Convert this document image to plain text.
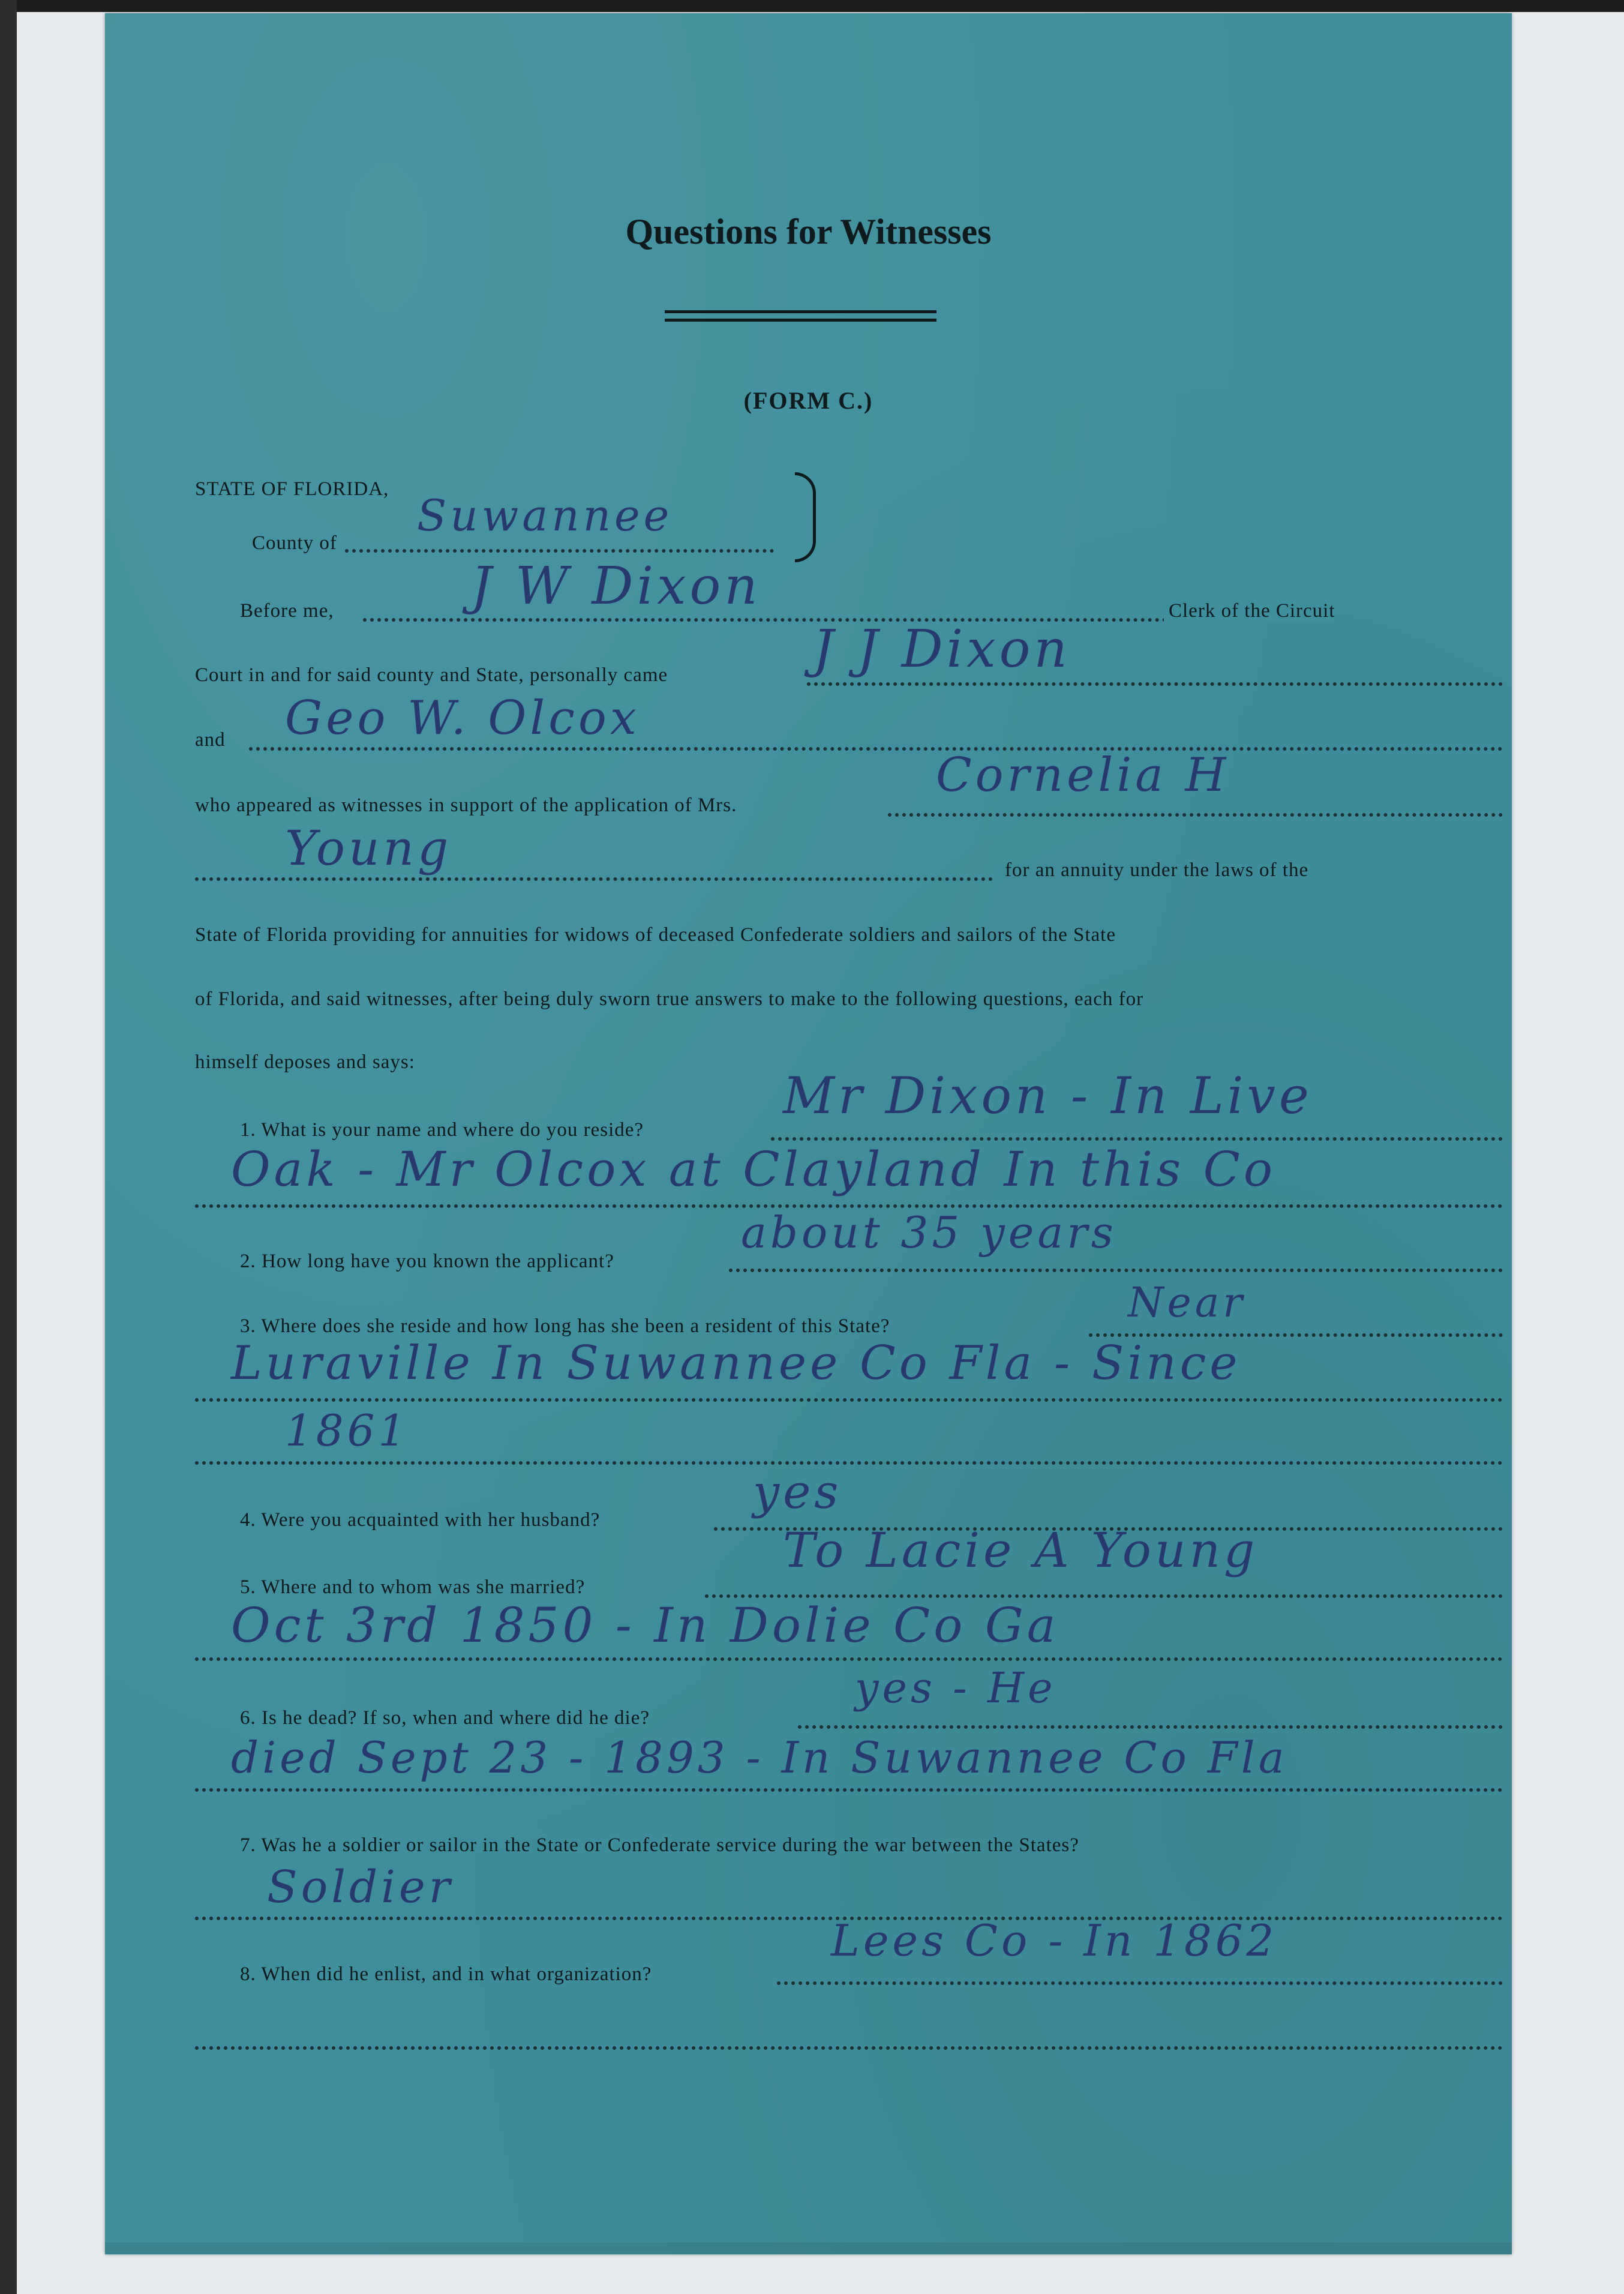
Questions for Witnesses
(FORM C.)
STATE OF FLORIDA,
County of
Suwannee
Before me,	J W Dixon	Clerk of the Circuit
Court in and for said county and State, personally came	J J Dixon
and Geo W. Olcox
who appeared as witnesses in support of the application of Mrs.
Cornelia H
Young	for an annuity under the laws of the
State of Florida providing for annuities for widows of deceased Confederate soldiers and sailors of the State
of Florida, and said witnesses, after being duly sworn true answers to make to the following questions, each for
himself deposes and says:
1. What is your name and where do you reside?
Mr Dixon - In Live
Oak - Mr Olcox at Clayland In this Co
2. How long have you known the applicant?
about 35 years
3. Where does she reside and how long has she been a resident of this State?	Near
Luraville In Suwannee Co Fla - Since
1861
4. Were you acquainted with her husband?
yes
5. Where and to whom was she married?
To Lacie A Young
Oct 3rd 1850 - In Dolie Co Ga
6. Is he dead? If so, when and where did he die?
yes - He
died Sept 23 - 1893 - In Suwannee Co Fla
7. Was he a soldier or sailor in the State or Confederate service during the war between the States?
Soldier
8. When did he enlist, and in what organization?
Lees Co - In 1862
